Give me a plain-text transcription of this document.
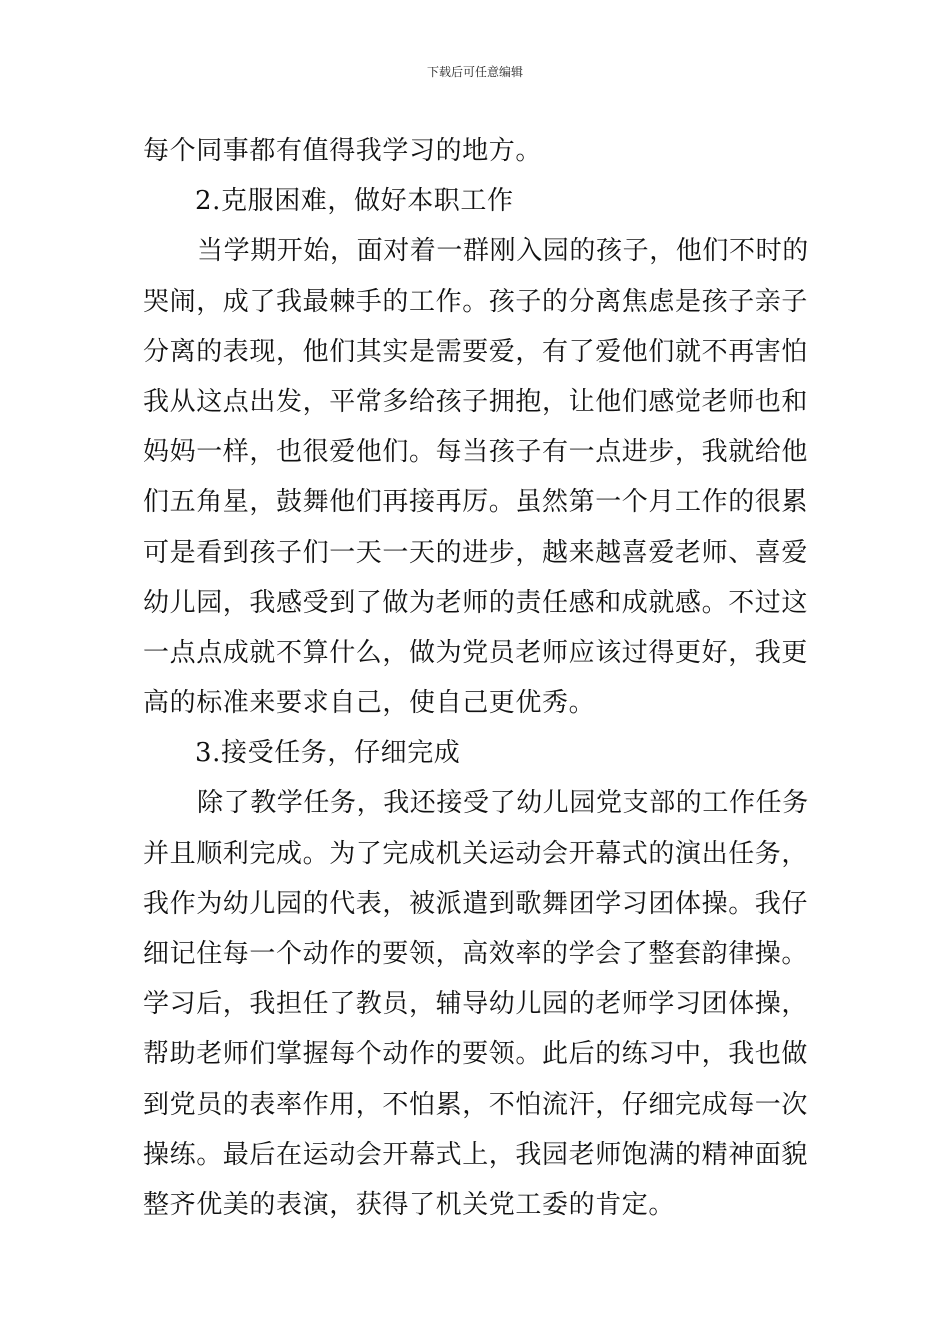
下载后可任意编辑
每个同事都有值得我学习的地方。
2.克服困难，做好本职工作
当学期开始，面对着一群刚入园的孩子，他们不时的
哭闹，成了我最棘手的工作。孩子的分离焦虑是孩子亲子
分离的表现，他们其实是需要爱，有了爱他们就不再害怕
我从这点出发，平常多给孩子拥抱，让他们感觉老师也和
妈妈一样，也很爱他们。每当孩子有一点进步，我就给他
们五角星，鼓舞他们再接再厉。虽然第一个月工作的很累
可是看到孩子们一天一天的进步，越来越喜爱老师、喜爱
幼儿园，我感受到了做为老师的责任感和成就感。不过这
一点点成就不算什么，做为党员老师应该过得更好，我更
高的标准来要求自己，使自己更优秀。
3.接受任务，仔细完成
除了教学任务，我还接受了幼儿园党支部的工作任务
并且顺利完成。为了完成机关运动会开幕式的演出任务，
我作为幼儿园的代表，被派遣到歌舞团学习团体操。我仔
细记住每一个动作的要领，高效率的学会了整套韵律操。
学习后，我担任了教员，辅导幼儿园的老师学习团体操，
帮助老师们掌握每个动作的要领。此后的练习中，我也做
到党员的表率作用，不怕累，不怕流汗，仔细完成每一次
操练。最后在运动会开幕式上，我园老师饱满的精神面貌
整齐优美的表演，获得了机关党工委的肯定。
